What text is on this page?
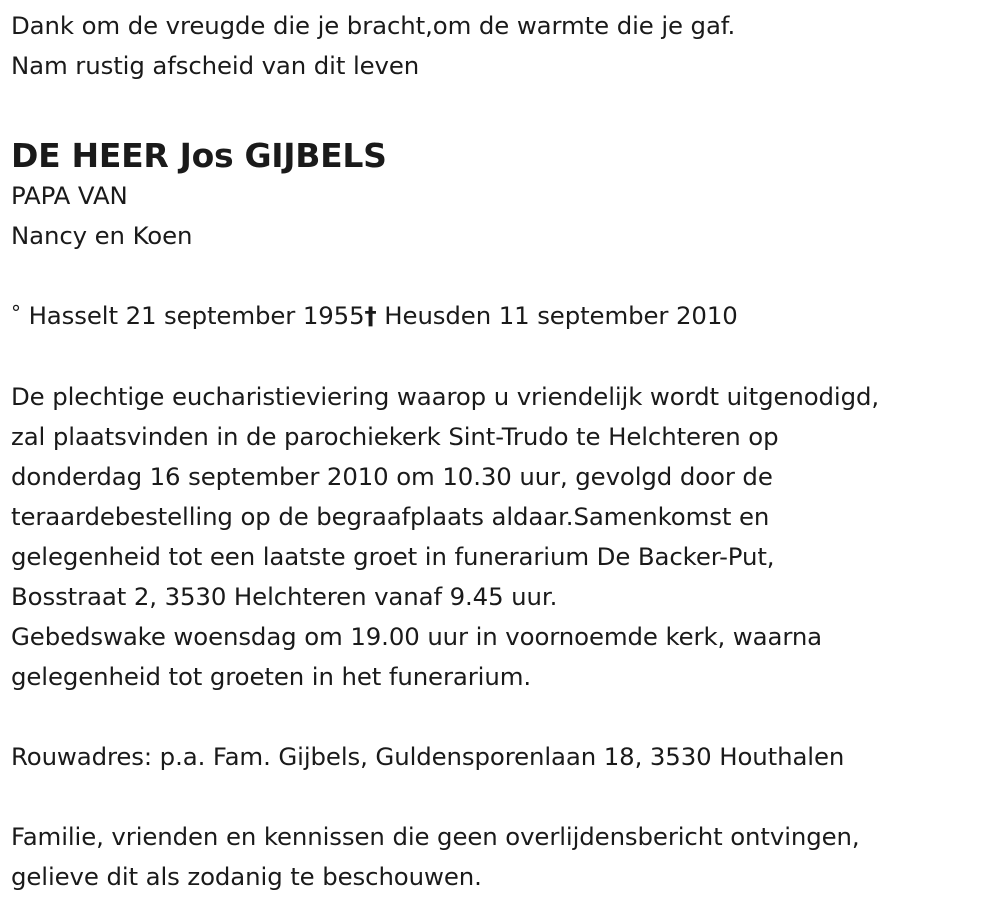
Dank om de vreugde die je bracht,om de warmte die je gaf.
Nam rustig afscheid van dit leven
DE HEER Jos GIJBELS
PAPA VAN
Nancy en Koen
° Hasselt 21 september 1955† Heusden 11 september 2010
De plechtige eucharistieviering waarop u vriendelijk wordt uitgenodigd,
zal plaatsvinden in de parochiekerk Sint-Trudo te Helchteren op
donderdag 16 september 2010 om 10.30 uur, gevolgd door de
teraardebestelling op de begraafplaats aldaar.Samenkomst en
gelegenheid tot een laatste groet in funerarium De Backer-Put,
Bosstraat 2, 3530 Helchteren vanaf 9.45 uur.
Gebedswake woensdag om 19.00 uur in voornoemde kerk, waarna
gelegenheid tot groeten in het funerarium.
Rouwadres: p.a. Fam. Gijbels, Guldensporenlaan 18, 3530 Houthalen
Familie, vrienden en kennissen die geen overlijdensbericht ontvingen,
gelieve dit als zodanig te beschouwen.
